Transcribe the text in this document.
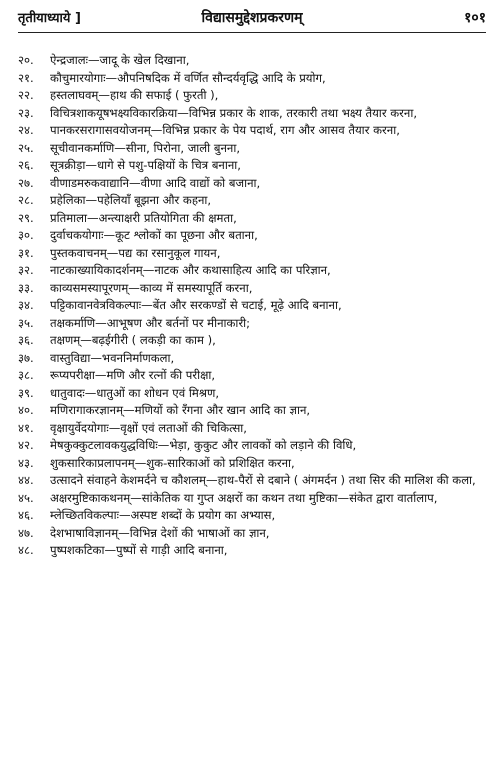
तृतीयाध्याये ]	विद्यासमुद्देशप्रकरणम्	१०१
२०.	ऐन्द्रजालः—जादू के खेल दिखाना,
२१.	कौचुमारयोगाः—औपनिषदिक में वर्णित सौन्दर्यवृद्धि आदि के प्रयोग,
२२.	हस्तलाघवम्—हाथ की सफाई ( फुरती ),
२३.	विचित्रशाकयूषभक्ष्यविकारक्रिया—विभिन्न प्रकार के शाक, तरकारी तथा भक्ष्य तैयार करना,
२४.	पानकरसरागासवयोजनम्—विभिन्न प्रकार के पेय पदार्थ, राग और आसव तैयार करना,
२५.	सूचीवानकर्माणि—सीना, पिरोना, जाली बुनना,
२६.	सूत्रक्रीड़ा—धागे से पशु-पक्षियों के चित्र बनाना,
२७.	वीणाडमरुकवाद्यानि—वीणा आदि वाद्यों को बजाना,
२८.	प्रहेलिका—पहेलियाँ बूझना और कहना,
२९.	प्रतिमाला—अन्त्याक्षरी प्रतियोगिता की क्षमता,
३०.	दुर्वाचकयोगाः—कूट श्लोकों का पूछना और बताना,
३१.	पुस्तकवाचनम्—पद्य का रसानुकूल गायन,
३२.	नाटकाख्यायिकादर्शनम्—नाटक और कथासाहित्य आदि का परिज्ञान,
३३.	काव्यसमस्यापूरणम्—काव्य में समस्यापूर्ति करना,
३४.	पट्टिकावानवेत्रविकल्पाः—बेंत और सरकण्डों से चटाई, मूढ़े आदि बनाना,
३५.	तक्षकर्माणि—आभूषण और बर्तनों पर मीनाकारी;
३६.	तक्षणम्—बढ़ईगीरी ( लकड़ी का काम ),
३७.	वास्तुविद्या—भवननिर्माणकला,
३८.	रूप्यपरीक्षा—मणि और रत्नों की परीक्षा,
३९.	धातुवादः—धातुओं का शोधन एवं मिश्रण,
४०.	मणिरागाकरज्ञानम्—मणियों को रँगना और खान आदि का ज्ञान,
४१.	वृक्षायुर्वेदयोगाः—वृक्षों एवं लताओं की चिकित्सा,
४२.	मेषकुक्कुटलावकयुद्धविधिः—भेड़ा, कुकुट और लावकों को लड़ाने की विधि,
४३.	शुकसारिकाप्रलापनम्—शुक-सारिकाओं को प्रशिक्षित करना,
४४.	उत्सादने संवाहने केशमर्दने च कौशलम्—हाथ-पैरों से दबाने ( अंगमर्दन ) तथा सिर की मालिश की कला,
४५.	अक्षरमुष्टिकाकथनम्—सांकेतिक या गुप्त अक्षरों का कथन तथा मुष्टिका—संकेत द्वारा वार्तालाप,
४६.	म्लेच्छितविकल्पाः—अस्पष्ट शब्दों के प्रयोग का अभ्यास,
४७.	देशभाषाविज्ञानम्—विभिन्न देशों की भाषाओं का ज्ञान,
४८.	पुष्पशकटिका—पुष्पों से गाड़ी आदि बनाना,
